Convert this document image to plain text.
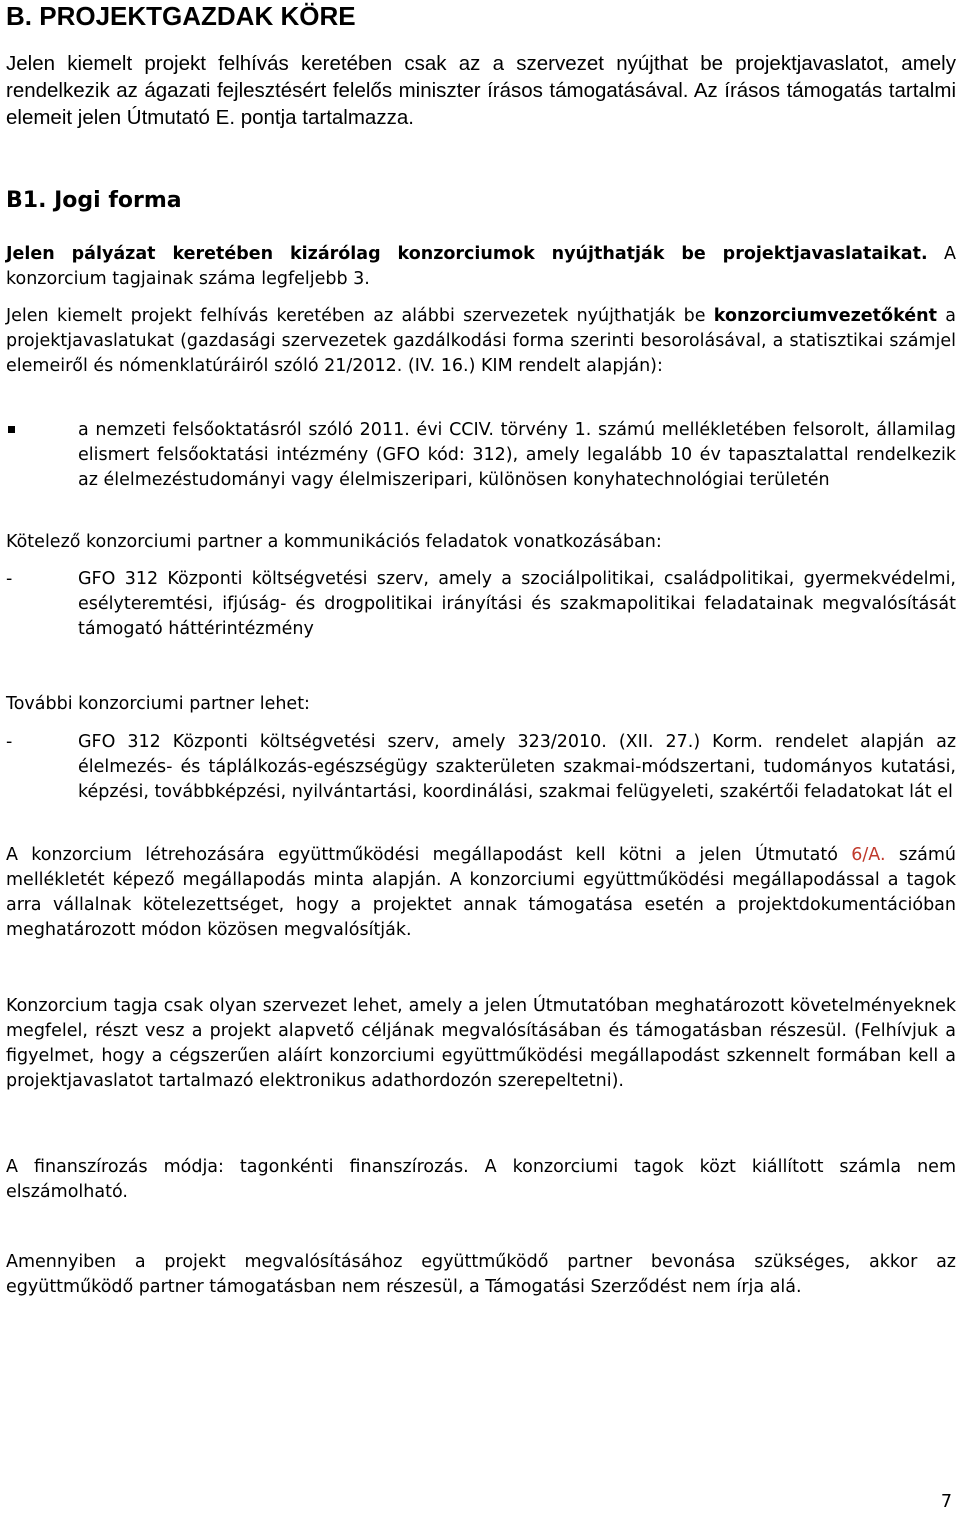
B. PROJEKTGAZDAK KÖRE

Jelen kiemelt projekt felhívás keretében csak az a szervezet nyújthat be projektjavaslatot, amely rendelkezik az ágazati fejlesztésért felelős miniszter írásos támogatásával. Az írásos támogatás tartalmi elemeit jelen Útmutató E. pontja tartalmazza.

B1. Jogi forma

Jelen pályázat keretében kizárólag konzorciumok nyújthatják be projektjavaslataikat. A konzorcium tagjainak száma legfeljebb 3.

Jelen kiemelt projekt felhívás keretében az alábbi szervezetek nyújthatják be konzorciumvezetőként a projektjavaslatukat (gazdasági szervezetek gazdálkodási forma szerinti besorolásával, a statisztikai számjel elemeiről és nómenklatúráiról szóló 21/2012. (IV. 16.) KIM rendelt alapján):

a nemzeti felsőoktatásról szóló 2011. évi CCIV. törvény 1. számú mellékletében felsorolt, államilag elismert felsőoktatási intézmény (GFO kód: 312), amely legalább 10 év tapasztalattal rendelkezik az élelmezéstudományi vagy élelmiszeripari, különösen konyhatechnológiai területén

Kötelező konzorciumi partner a kommunikációs feladatok vonatkozásában:

-	GFO 312 Központi költségvetési szerv, amely a szociálpolitikai, családpolitikai, gyermekvédelmi, esélyteremtési, ifjúság- és drogpolitikai irányítási és szakmapolitikai feladatainak megvalósítását támogató háttérintézmény

További konzorciumi partner lehet:

-	GFO 312 Központi költségvetési szerv, amely 323/2010. (XII. 27.) Korm. rendelet alapján az élelmezés- és táplálkozás-egészségügy szakterületen szakmai-módszertani, tudományos kutatási, képzési, továbbképzési, nyilvántartási, koordinálási, szakmai felügyeleti, szakértői feladatokat lát el

A konzorcium létrehozására együttműködési megállapodást kell kötni a jelen Útmutató 6/A. számú mellékletét képező megállapodás minta alapján. A konzorciumi együttműködési megállapodással a tagok arra vállalnak kötelezettséget, hogy a projektet annak támogatása esetén a projektdokumentációban meghatározott módon közösen megvalósítják.

Konzorcium tagja csak olyan szervezet lehet, amely a jelen Útmutatóban meghatározott követelményeknek megfelel, részt vesz a projekt alapvető céljának megvalósításában és támogatásban részesül. (Felhívjuk a figyelmet, hogy a cégszerűen aláírt konzorciumi együttműködési megállapodást szkennelt formában kell a projektjavaslatot tartalmazó elektronikus adathordozón szerepeltetni).

A finanszírozás módja: tagonkénti finanszírozás. A konzorciumi tagok közt kiállított számla nem elszámolható.

Amennyiben a projekt megvalósításához együttműködő partner bevonása szükséges, akkor az együttműködő partner támogatásban nem részesül, a Támogatási Szerződést nem írja alá.

7
